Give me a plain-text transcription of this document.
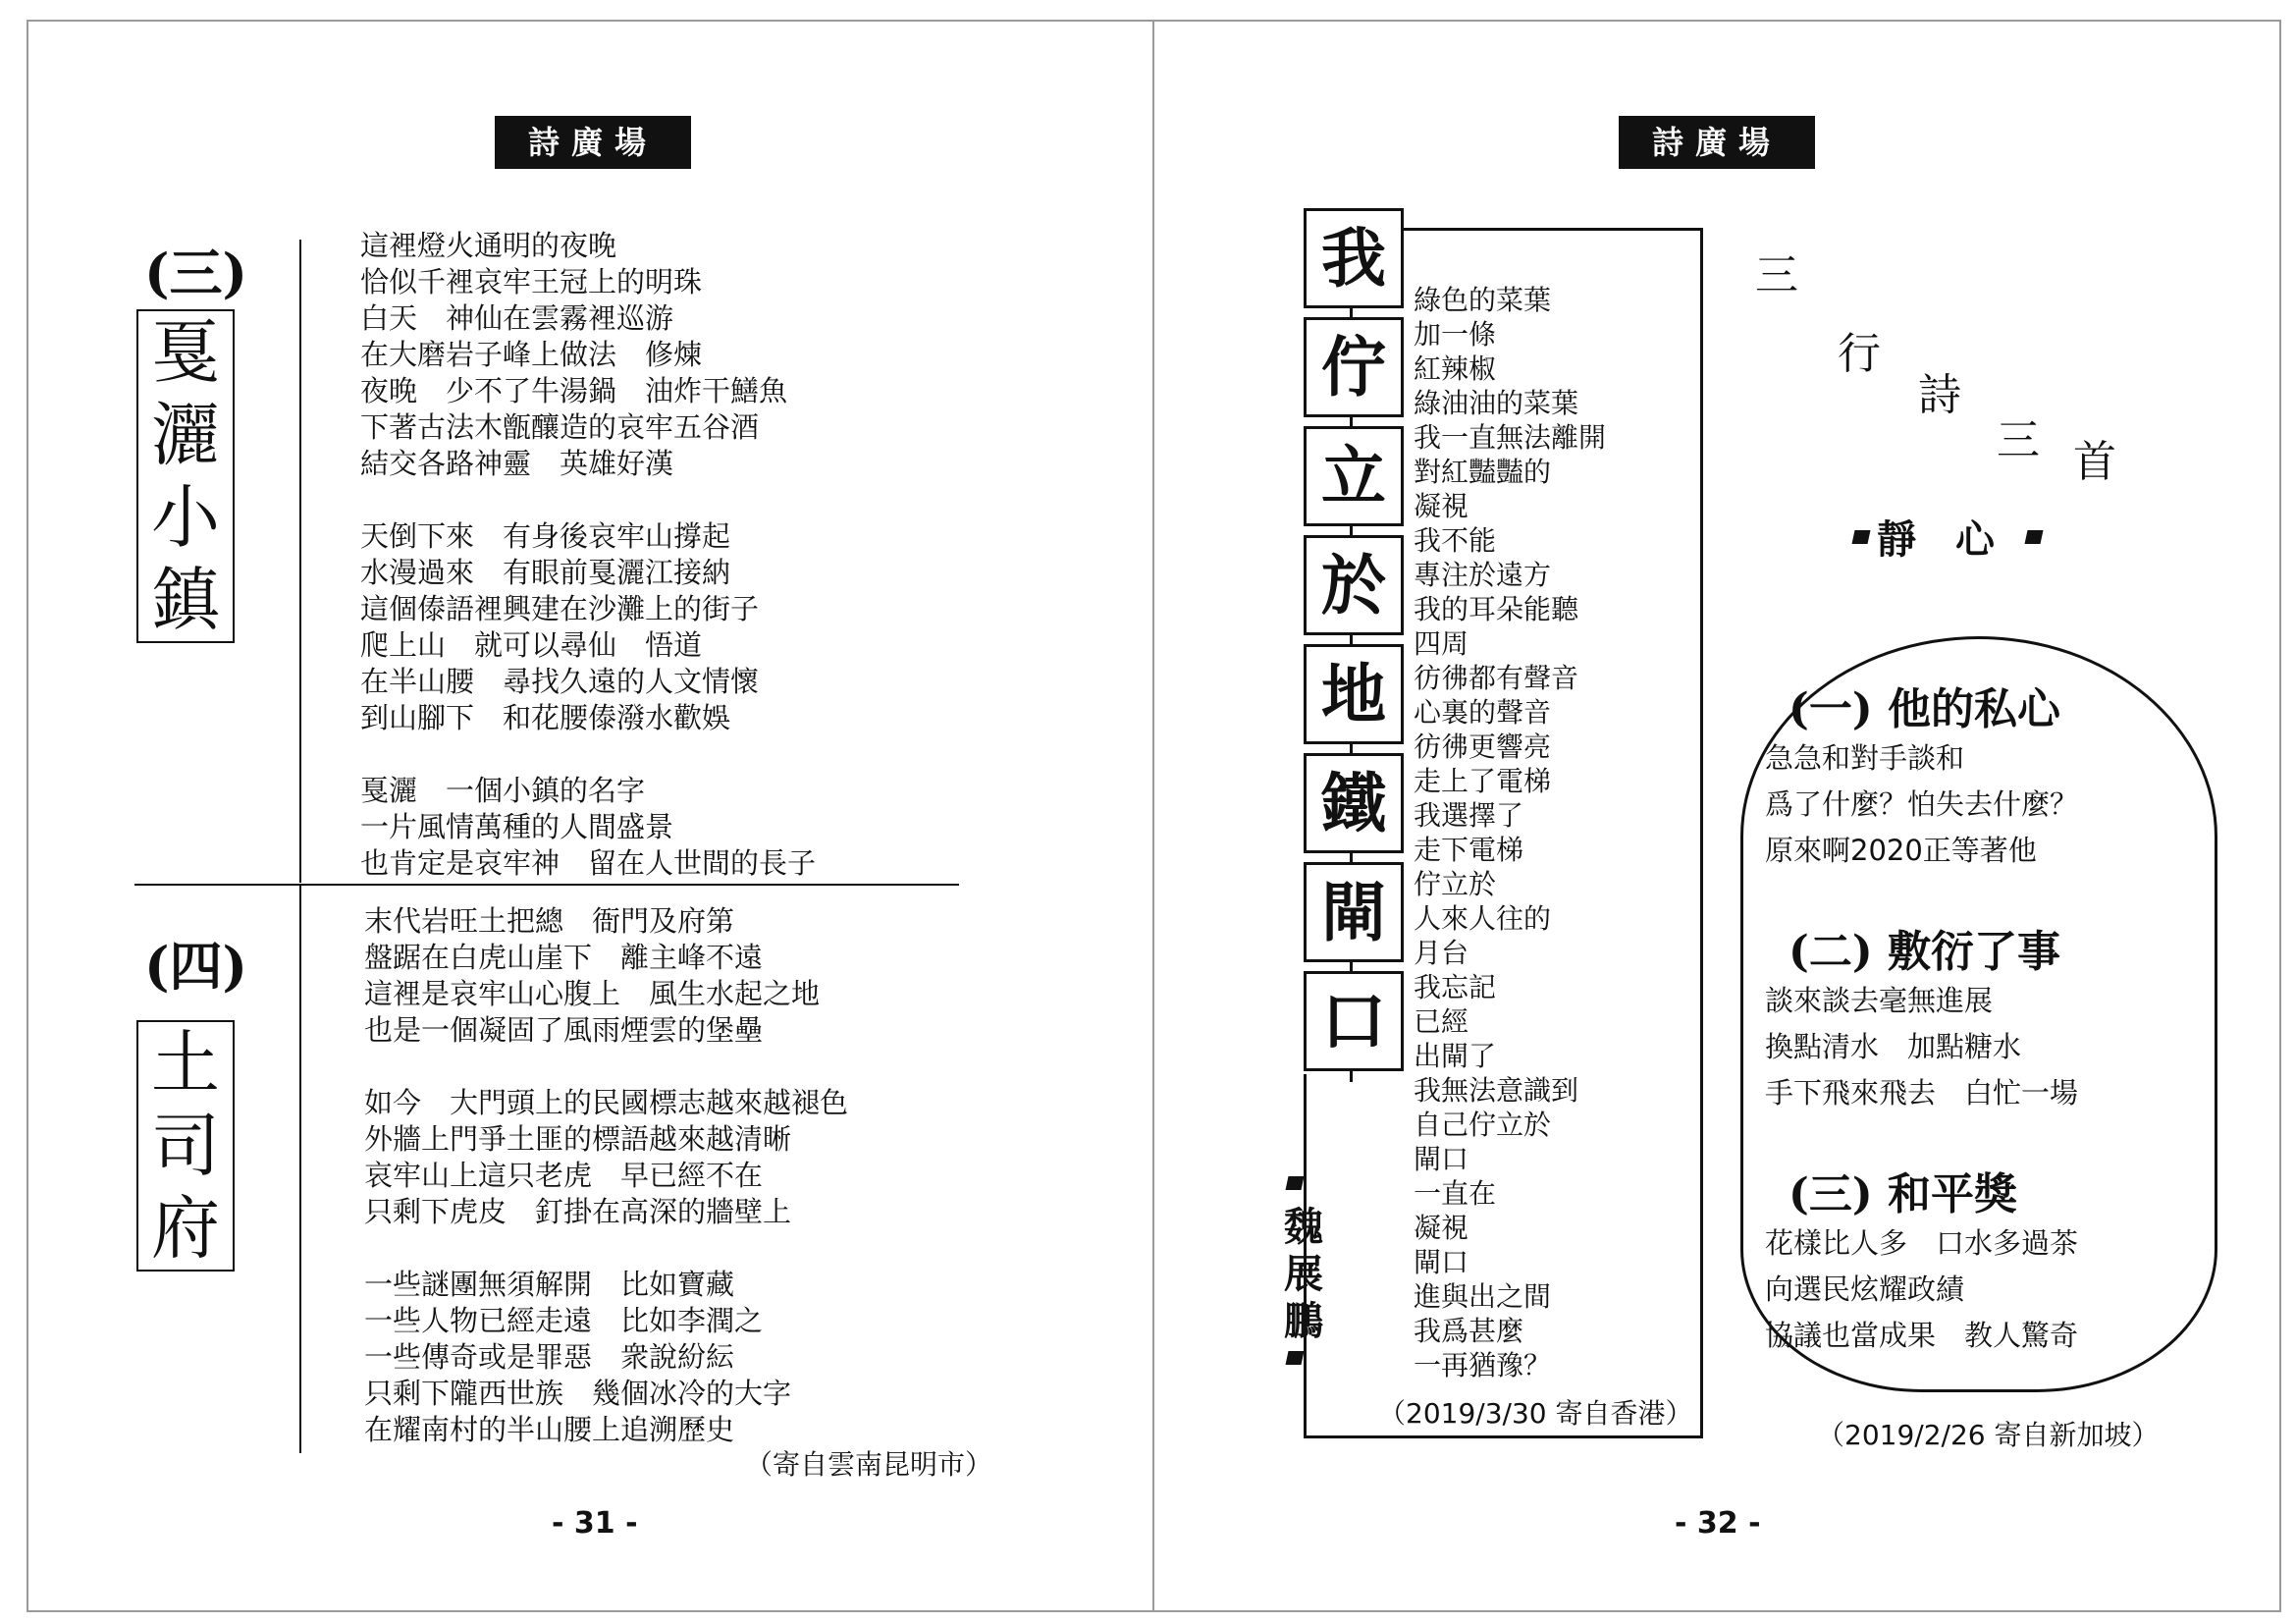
詩廣場
(三)
戛
灑
小
鎮
這裡燈火通明的夜晚
恰似千裡哀牢王冠上的明珠
白天　神仙在雲霧裡巡游
在大磨岩子峰上做法　修煉
夜晚　少不了牛湯鍋　油炸干鱔魚
下著古法木甑釀造的哀牢五谷酒
結交各路神靈　英雄好漢
天倒下來　有身後哀牢山撐起
水漫過來　有眼前戛灑江接納
這個傣語裡興建在沙灘上的街子
爬上山　就可以尋仙　悟道
在半山腰　尋找久遠的人文情懷
到山腳下　和花腰傣潑水歡娛
戛灑　一個小鎮的名字
一片風情萬種的人間盛景
也肯定是哀牢神　留在人世間的長子
(四)
土
司
府
末代岩旺土把總　衙門及府第
盤踞在白虎山崖下　離主峰不遠
這裡是哀牢山心腹上　風生水起之地
也是一個凝固了風雨煙雲的堡壘
如今　大門頭上的民國標志越來越褪色
外牆上門爭土匪的標語越來越清晰
哀牢山上這只老虎　早已經不在
只剩下虎皮　釘掛在高深的牆壁上
一些謎團無須解開　比如寶藏
一些人物已經走遠　比如李潤之
一些傳奇或是罪惡　衆說紛紜
只剩下隴西世族　幾個冰冷的大字
在耀南村的半山腰上追溯歷史
（寄自雲南昆明市）
- 31 -
詩廣場
我
佇
立
於
地
鐵
閘
口
魏
展
鵬
綠色的菜葉
加一條
紅辣椒
綠油油的菜葉
我一直無法離開
對紅豔豔的
凝視
我不能
專注於遠方
我的耳朵能聽
四周
彷彿都有聲音
心裏的聲音
彷彿更響亮
走上了電梯
我選擇了
走下電梯
佇立於
人來人往的
月台
我忘記
已經
出閘了
我無法意識到
自己佇立於
閘口
一直在
凝視
閘口
進與出之間
我爲甚麼
一再猶豫？
（2019/3/30 寄自香港）
三
行
詩
三 首
靜　心
(一) 他的私心
急急和對手談和
爲了什麼？怕失去什麼？
原來啊2020正等著他
(二) 敷衍了事
談來談去毫無進展
換點清水　加點糖水
手下飛來飛去　白忙一場
(三) 和平獎
花樣比人多　口水多過茶
向選民炫耀政績
協議也當成果　教人驚奇
（2019/2/26 寄自新加坡）
- 32 -
